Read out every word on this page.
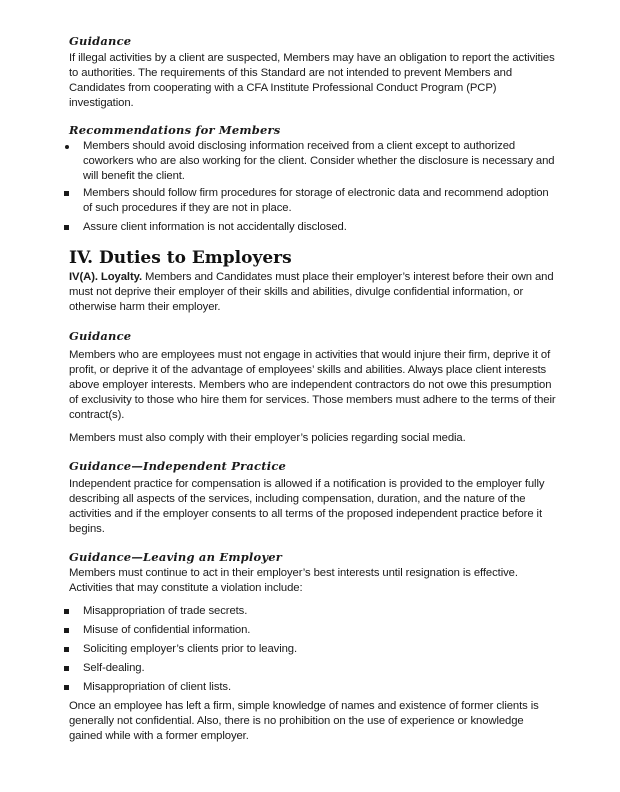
Guidance

If illegal activities by a client are suspected, Members may have an obligation to report the activities to authorities. The requirements of this Standard are not intended to prevent Members and Candidates from cooperating with a CFA Institute Professional Conduct Program (PCP) investigation.

Recommendations for Members
Members should avoid disclosing information received from a client except to authorized coworkers who are also working for the client. Consider whether the disclosure is necessary and will benefit the client.
Members should follow firm procedures for storage of electronic data and recommend adoption of such procedures if they are not in place.
Assure client information is not accidentally disclosed.
IV. Duties to Employers

IV(A). Loyalty. Members and Candidates must place their employer’s interest before their own and must not deprive their employer of their skills and abilities, divulge confidential information, or otherwise harm their employer.

Guidance

Members who are employees must not engage in activities that would injure their firm, deprive it of profit, or deprive it of the advantage of employees’ skills and abilities. Always place client interests above employer interests. Members who are independent contractors do not owe this presumption of exclusivity to those who hire them for services. Those members must adhere to the terms of their contract(s).

Members must also comply with their employer’s policies regarding social media.

Guidance—Independent Practice

Independent practice for compensation is allowed if a notification is provided to the employer fully describing all aspects of the services, including compensation, duration, and the nature of the activities and if the employer consents to all terms of the proposed independent practice before it begins.

Guidance—Leaving an Employer

Members must continue to act in their employer’s best interests until resignation is effective. Activities that may constitute a violation include:

Misappropriation of trade secrets.
Misuse of confidential information.
Soliciting employer’s clients prior to leaving.
Self-dealing.
Misappropriation of client lists.

Once an employee has left a firm, simple knowledge of names and existence of former clients is generally not confidential. Also, there is no prohibition on the use of experience or knowledge gained while with a former employer.
